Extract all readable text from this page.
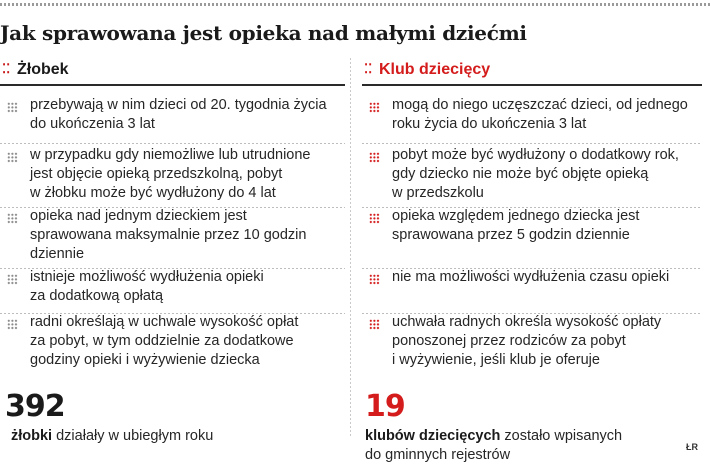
Jak sprawowana jest opieka nad małymi dziećmi
⁚⁚ Żłobek
przebywają w nim dzieci od 20. tygodnia życia
do ukończenia 3 lat
w przypadku gdy niemożliwe lub utrudnione
jest objęcie opieką przedszkolną, pobyt
w żłobku może być wydłużony do 4 lat
opieka nad jednym dzieckiem jest
sprawowana maksymalnie przez 10 godzin
dziennie
istnieje możliwość wydłużenia opieki
za dodatkową opłatą
radni określają w uchwale wysokość opłat
za pobyt, w tym oddzielnie za dodatkowe
godziny opieki i wyżywienie dziecka
⁚⁚ Klub dziecięcy
mogą do niego uczęszczać dzieci, od jednego
roku życia do ukończenia 3 lat
pobyt może być wydłużony o dodatkowy rok,
gdy dziecko nie może być objęte opieką
w przedszkolu
opieka względem jednego dziecka jest
sprawowana przez 5 godzin dziennie
nie ma możliwości wydłużenia czasu opieki
uchwała radnych określa wysokość opłaty
ponoszonej przez rodziców za pobyt
i wyżywienie, jeśli klub je oferuje
392
żłobki działały w ubiegłym roku
19
klubów dziecięcych zostało wpisanych
do gminnych rejestrów	ŁR
